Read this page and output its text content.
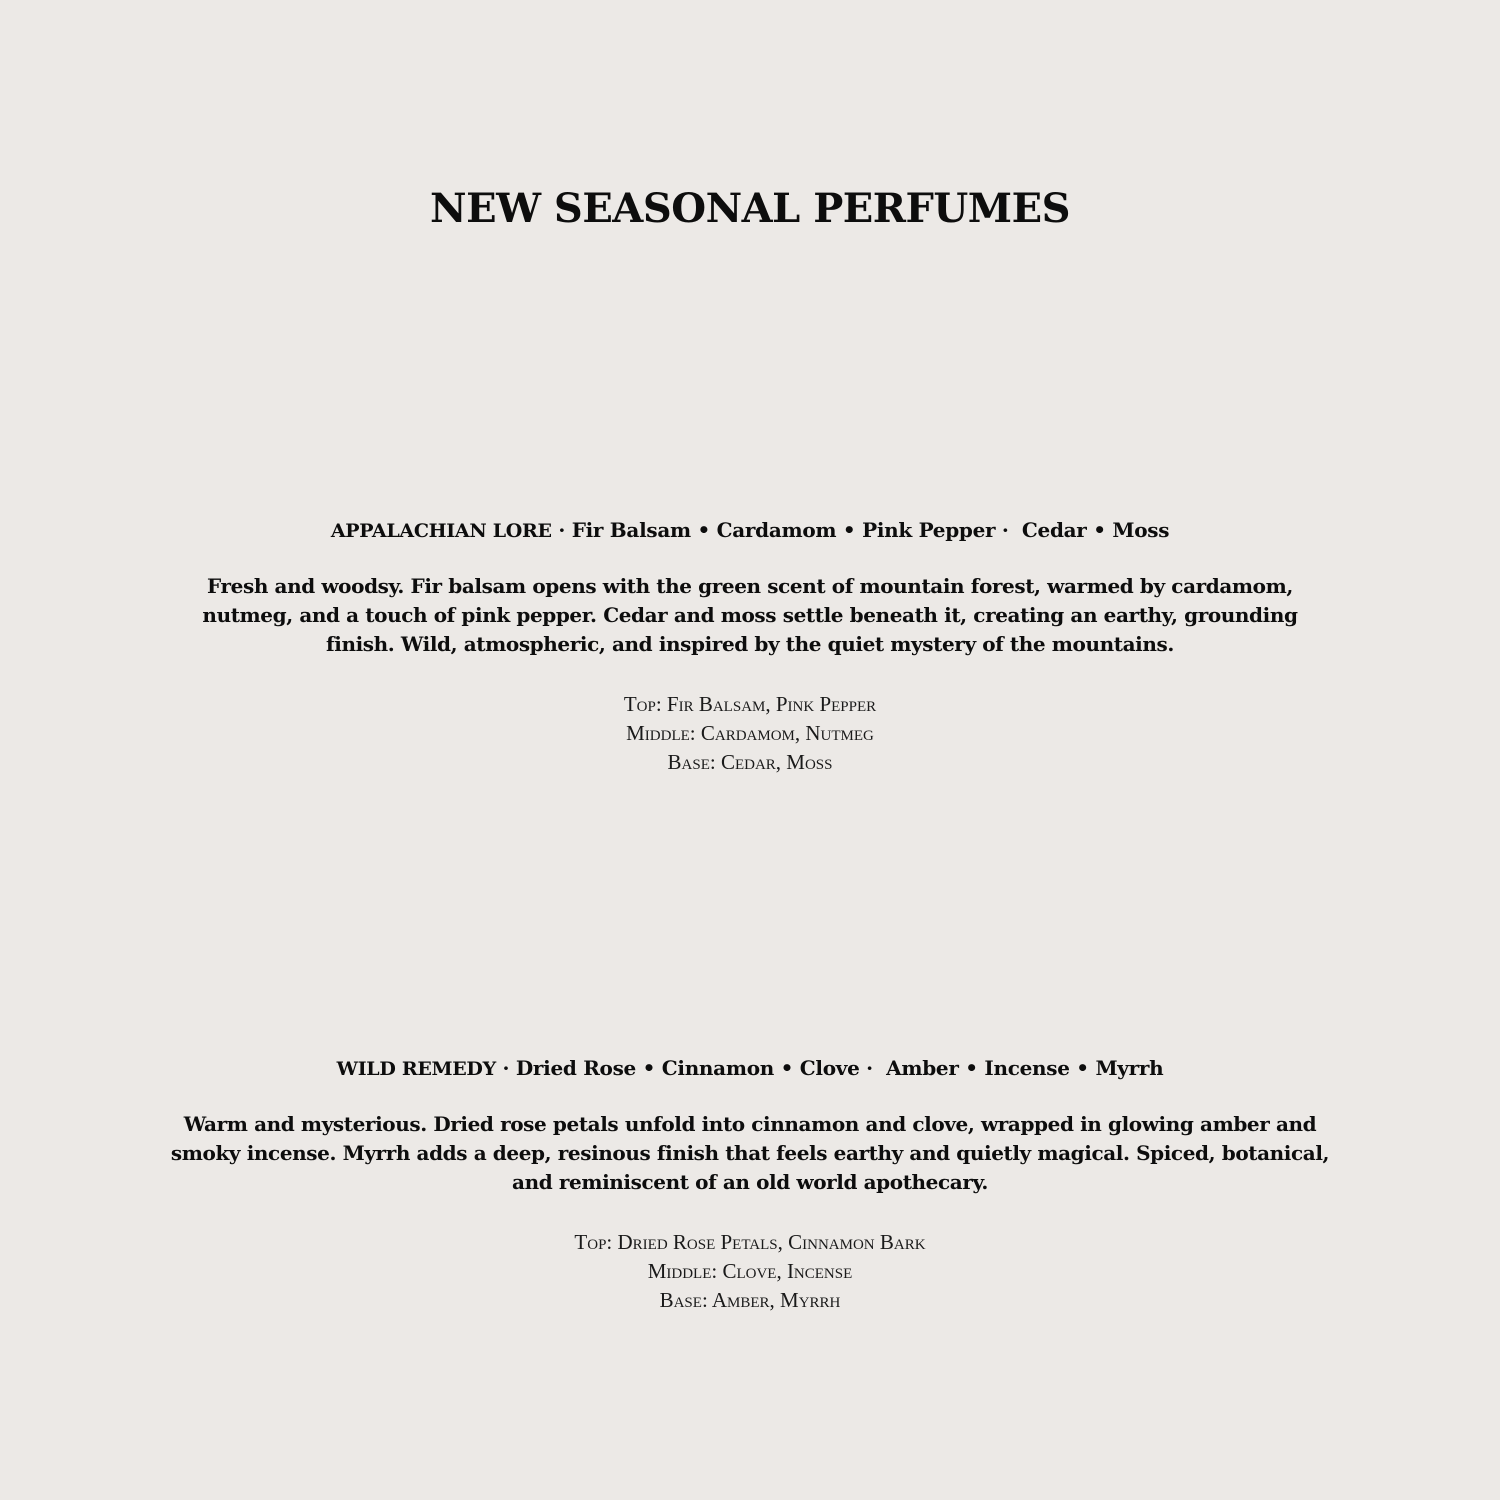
NEW SEASONAL PERFUMES

APPALACHIAN LORE · Fir Balsam • Cardamom • Pink Pepper · Cedar • Moss

Fresh and woodsy. Fir balsam opens with the green scent of mountain forest, warmed by cardamom, nutmeg, and a touch of pink pepper. Cedar and moss settle beneath it, creating an earthy, grounding finish. Wild, atmospheric, and inspired by the quiet mystery of the mountains.

Top: Fir Balsam, Pink Pepper
Middle: Cardamom, Nutmeg
Base: Cedar, Moss

WILD REMEDY · Dried Rose • Cinnamon • Clove · Amber • Incense • Myrrh

Warm and mysterious. Dried rose petals unfold into cinnamon and clove, wrapped in glowing amber and smoky incense. Myrrh adds a deep, resinous finish that feels earthy and quietly magical. Spiced, botanical, and reminiscent of an old world apothecary.

Top: Dried Rose Petals, Cinnamon Bark
Middle: Clove, Incense
Base: Amber, Myrrh
